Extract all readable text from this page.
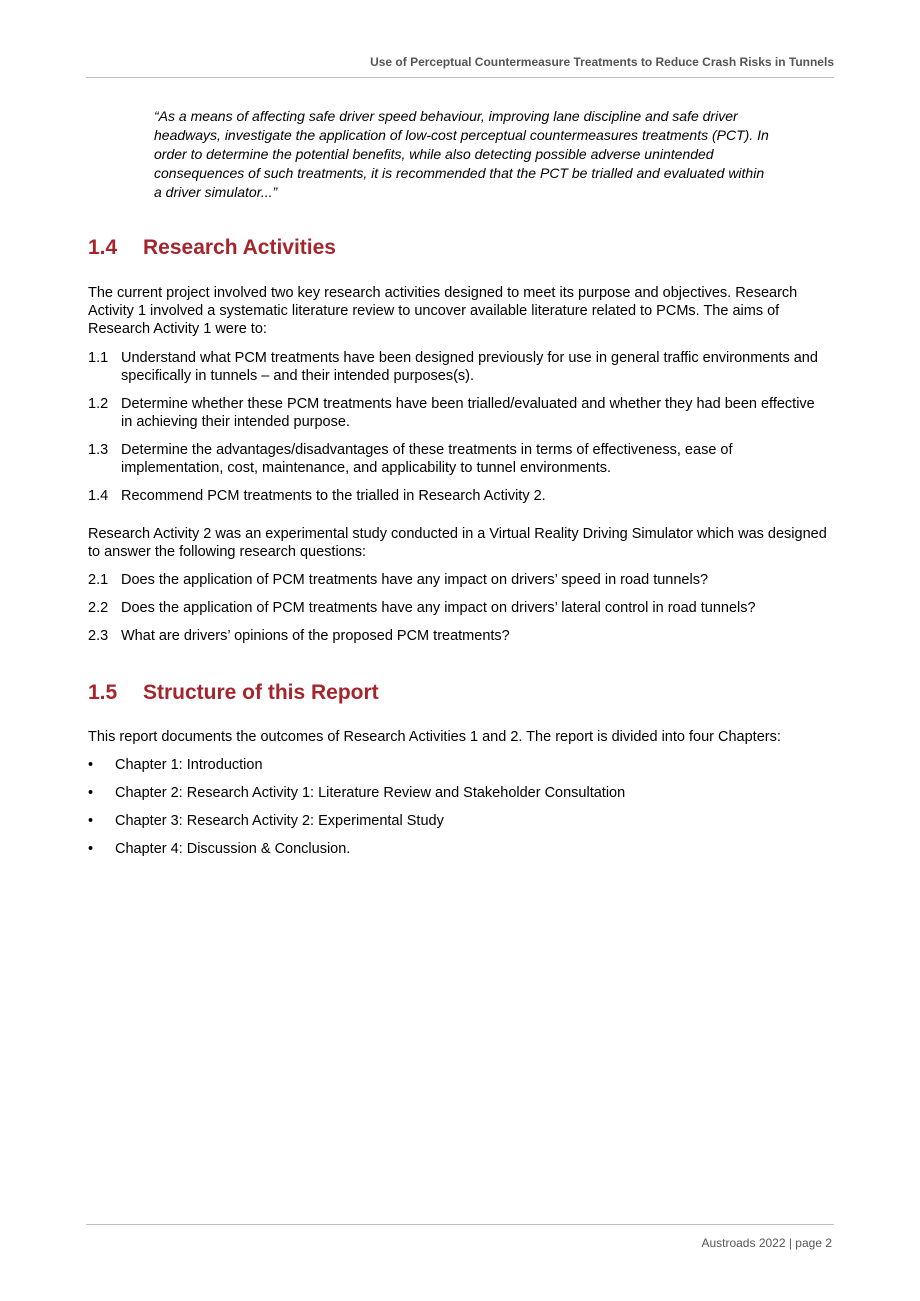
Use of Perceptual Countermeasure Treatments to Reduce Crash Risks in Tunnels
“As a means of affecting safe driver speed behaviour, improving lane discipline and safe driver headways, investigate the application of low-cost perceptual countermeasures treatments (PCT). In order to determine the potential benefits, while also detecting possible adverse unintended consequences of such treatments, it is recommended that the PCT be trialled and evaluated within a driver simulator...”
1.4 Research Activities

The current project involved two key research activities designed to meet its purpose and objectives. Research Activity 1 involved a systematic literature review to uncover available literature related to PCMs. The aims of Research Activity 1 were to:

1.1 Understand what PCM treatments have been designed previously for use in general traffic environments and specifically in tunnels – and their intended purposes(s).
1.2 Determine whether these PCM treatments have been trialled/evaluated and whether they had been effective in achieving their intended purpose.
1.3 Determine the advantages/disadvantages of these treatments in terms of effectiveness, ease of implementation, cost, maintenance, and applicability to tunnel environments.
1.4 Recommend PCM treatments to the trialled in Research Activity 2.

Research Activity 2 was an experimental study conducted in a Virtual Reality Driving Simulator which was designed to answer the following research questions:

2.1 Does the application of PCM treatments have any impact on drivers’ speed in road tunnels?
2.2 Does the application of PCM treatments have any impact on drivers’ lateral control in road tunnels?
2.3 What are drivers’ opinions of the proposed PCM treatments?
1.5 Structure of this Report

This report documents the outcomes of Research Activities 1 and 2. The report is divided into four Chapters:

•	Chapter 1: Introduction
•	Chapter 2: Research Activity 1: Literature Review and Stakeholder Consultation
•	Chapter 3: Research Activity 2: Experimental Study
•	Chapter 4: Discussion & Conclusion.
Austroads 2022 | page 2
